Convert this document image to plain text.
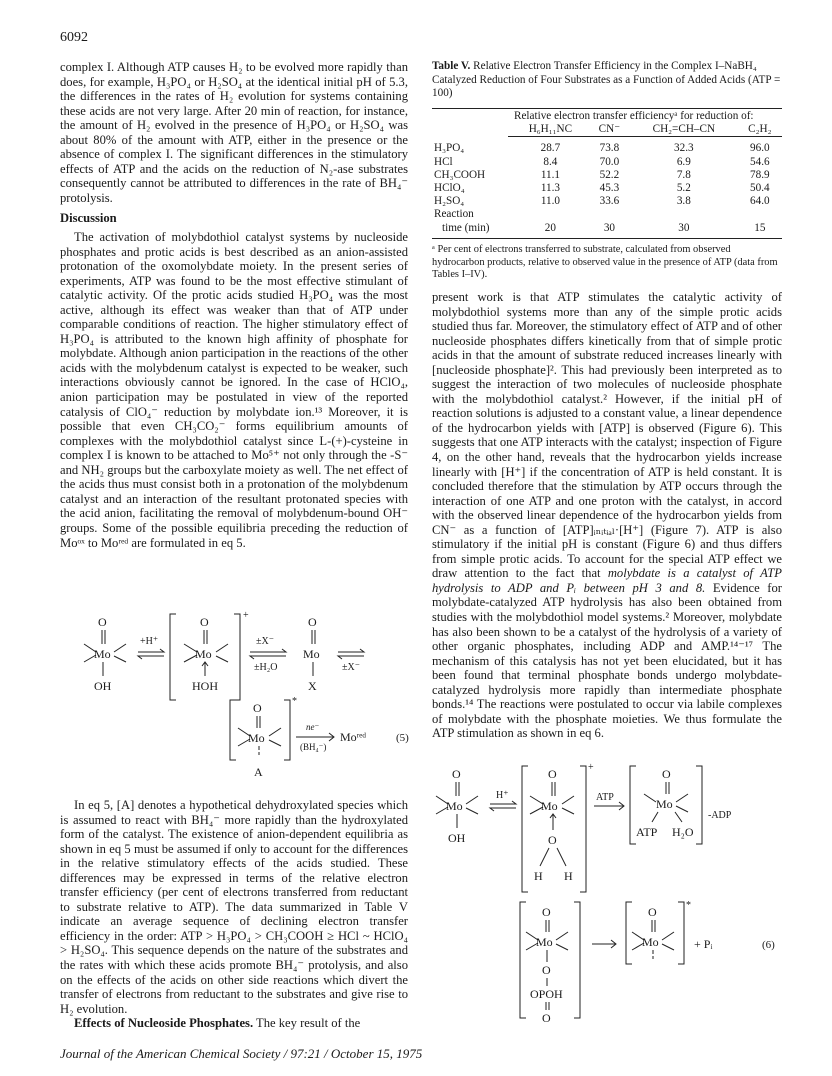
6092

complex I. Although ATP causes H₂ to be evolved more rapidly than does, for example, H₃PO₄ or H₂SO₄ at the identical initial pH of 5.3, the differences in the rates of H₂ evolution for systems containing these acids are not very large. After 20 min of reaction, for instance, the amount of H₂ evolved in the presence of H₃PO₄ or H₂SO₄ was about 80% of the amount with ATP, either in the presence or the absence of complex I. The significant differences in the stimulatory effects of ATP and the acids on the reduction of N₂-ase substrates consequently cannot be attributed to differences in the rate of BH₄⁻ protolysis.

Discussion

The activation of molybdothiol catalyst systems by nucleoside phosphates and protic acids is best described as an anion-assisted protonation of the oxomolybdate moiety. In the present series of experiments, ATP was found to be the most effective stimulant of catalytic activity. Of the protic acids studied H₃PO₄ was the most active, although its effect was weaker than that of ATP under comparable conditions of reaction. The higher stimulatory effect of H₃PO₄ is attributed to the known high affinity of phosphate for molybdate. Although anion participation in the reactions of the other acids with the molybdenum catalyst is expected to be weaker, such interactions obviously cannot be ignored. In the case of HClO₄, anion participation may be postulated in view of the reported catalysis of ClO₄⁻ reduction by molybdate ion.¹³ Moreover, it is possible that even CH₃CO₂⁻ forms equilibrium amounts of complexes with the molybdothiol catalyst since L-(+)-cysteine in complex I is known to be attached to Mo⁵⁺ not only through the -S⁻ and NH₂ groups but the carboxylate moiety as well. The net effect of the acids thus must consist both in a protonation of the molybdenum catalyst and an interaction of the resultant protonated species with the acid anion, facilitating the removal of molybdenum-bound OH⁻ groups. Some of the possible equilibria preceding the reduction of Moᵒˣ to Moʳᵉᵈ are formulated in eq 5.

O
Mo
OH
+H⁺
+
O
Mo
HOH
±X⁻
±H₂O
O
Mo
X
±X⁻
*
O
Mo
A
ne⁻
(BH₄⁻)
Moʳᵉᵈ	(5)

In eq 5, [A] denotes a hypothetical dehydroxylated species which is assumed to react with BH₄⁻ more rapidly than the hydroxylated form of the catalyst. The existence of anion-dependent equilibria as shown in eq 5 must be assumed if only to account for the differences in the relative stimulatory effects of the acids studied. These differences may be expressed in terms of the relative electron transfer efficiency (per cent of electrons transferred from reductant to substrate relative to ATP). The data summarized in Table V indicate an average sequence of declining electron transfer efficiency in the order: ATP > H₃PO₄ > CH₃COOH ≥ HCl ~ HClO₄ > H₂SO₄. This sequence depends on the nature of the substrates and the rates with which these acids promote BH₄⁻ protolysis, and also on the effects of the acids on other side reactions which divert the transfer of electrons from reductant to the substrates and give rise to H₂ evolution.

Effects of Nucleoside Phosphates. The key result of the

Table V. Relative Electron Transfer Efficiency in the Complex I–NaBH₄ Catalyzed Reduction of Four Substrates as a Function of Added Acids (ATP = 100)
	Relative electron transfer efficiencyᵃ for reduction of:			
	H₆H₁₁NC	CN⁻	CH₂=CH–CN	C₂H₂

H₃PO₄	28.7	73.8	32.3	96.0
HCl	8.4	70.0	6.9	54.6
CH₃COOH	11.1	52.2	7.8	78.9
HClO₄	11.3	45.3	5.2	50.4
H₂SO₄	11.0	33.6	3.8	64.0
Reaction				
time (min)	20	30	30	15
ᵃ Per cent of electrons transferred to substrate, calculated from observed hydrocarbon products, relative to observed value in the presence of ATP (data from Tables I–IV).

present work is that ATP stimulates the catalytic activity of molybdothiol systems more than any of the simple protic acids studied thus far. Moreover, the stimulatory effect of ATP and of other nucleoside phosphates differs kinetically from that of simple protic acids in that the amount of substrate reduced increases linearly with [nucleoside phosphate]². This had previously been interpreted as to suggest the interaction of two molecules of nucleoside phosphate with the molybdothiol catalyst.² However, if the initial pH of reaction solutions is adjusted to a constant value, a linear dependence of the hydrocarbon yields with [ATP] is observed (Figure 6). This suggests that one ATP interacts with the catalyst; inspection of Figure 4, on the other hand, reveals that the hydrocarbon yields increase linearly with [H⁺] if the concentration of ATP is held constant. It is concluded therefore that the stimulation by ATP occurs through the interaction of one ATP and one proton with the catalyst, in accord with the observed linear dependence of the hydrocarbon yields from CN⁻ as a function of [ATP]ᵢₙᵢₜᵢₐₗ·[H⁺] (Figure 7). ATP is also stimulatory if the initial pH is constant (Figure 6) and thus differs from simple protic acids. To account for the special ATP effect we draw attention to the fact that molybdate is a catalyst of ATP hydrolysis to ADP and Pᵢ between pH 3 and 8. Evidence for molybdate-catalyzed ATP hydrolysis has also been obtained from studies with the molybdothiol model systems.² Moreover, molybdate has also been shown to be a catalyst of the hydrolysis of a variety of other organic phosphates, including ADP and AMP.¹⁴⁻¹⁷ The mechanism of this catalysis has not yet been elucidated, but it has been found that terminal phosphate bonds undergo molybdate-catalyzed hydrolysis more rapidly than intermediate phosphate bonds.¹⁴ The reactions were postulated to occur via labile complexes of molybdate with the phosphate moieties. We thus formulate the ATP stimulation as shown in eq 6.

O
Mo
OH
H⁺
+
O
Mo
O
H H
ATP
O
Mo
ATP H₂O
-ADP
O
Mo
O
OPOH
O
*
O
Mo	+ Pᵢ	(6)
Journal of the American Chemical Society / 97:21 / October 15, 1975
